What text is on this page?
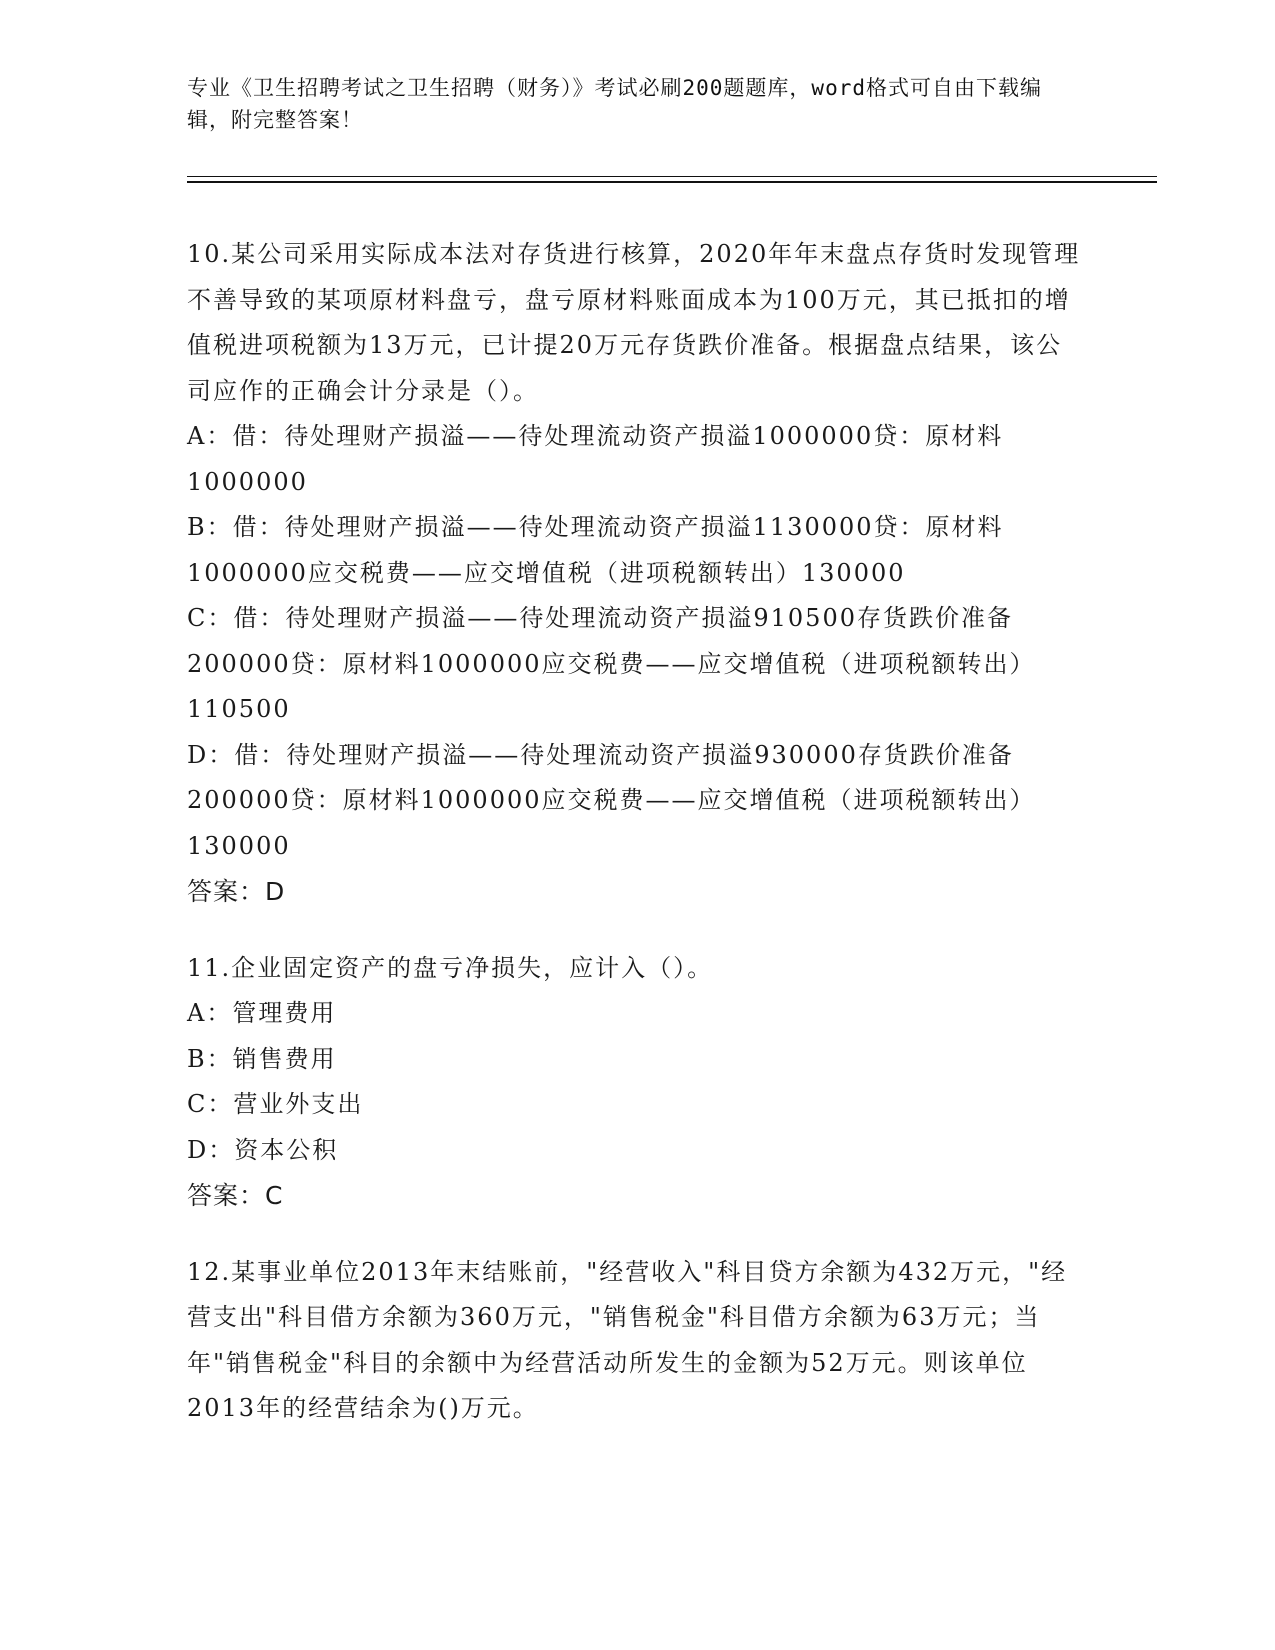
专业《卫生招聘考试之卫生招聘（财务）》考试必刷200题题库，word格式可自由下载编辑，附完整答案！

10.某公司采用实际成本法对存货进行核算，2020年年末盘点存货时发现管理不善导致的某项原材料盘亏，盘亏原材料账面成本为100万元，其已抵扣的增值税进项税额为13万元，已计提20万元存货跌价准备。根据盘点结果，该公司应作的正确会计分录是（）。

A：借：待处理财产损溢——待处理流动资产损溢1000000贷：原材料1000000

B：借：待处理财产损溢——待处理流动资产损溢1130000贷：原材料1000000应交税费——应交增值税（进项税额转出）130000

C：借：待处理财产损溢——待处理流动资产损溢910500存货跌价准备200000贷：原材料1000000应交税费——应交增值税（进项税额转出）110500

D：借：待处理财产损溢——待处理流动资产损溢930000存货跌价准备200000贷：原材料1000000应交税费——应交增值税（进项税额转出）130000

答案：D

11.企业固定资产的盘亏净损失，应计入（）。

A：管理费用

B：销售费用

C：营业外支出

D：资本公积

答案：C

12.某事业单位2013年末结账前，"经营收入"科目贷方余额为432万元，"经营支出"科目借方余额为360万元，"销售税金"科目借方余额为63万元；当年"销售税金"科目的余额中为经营活动所发生的金额为52万元。则该单位2013年的经营结余为()万元。
